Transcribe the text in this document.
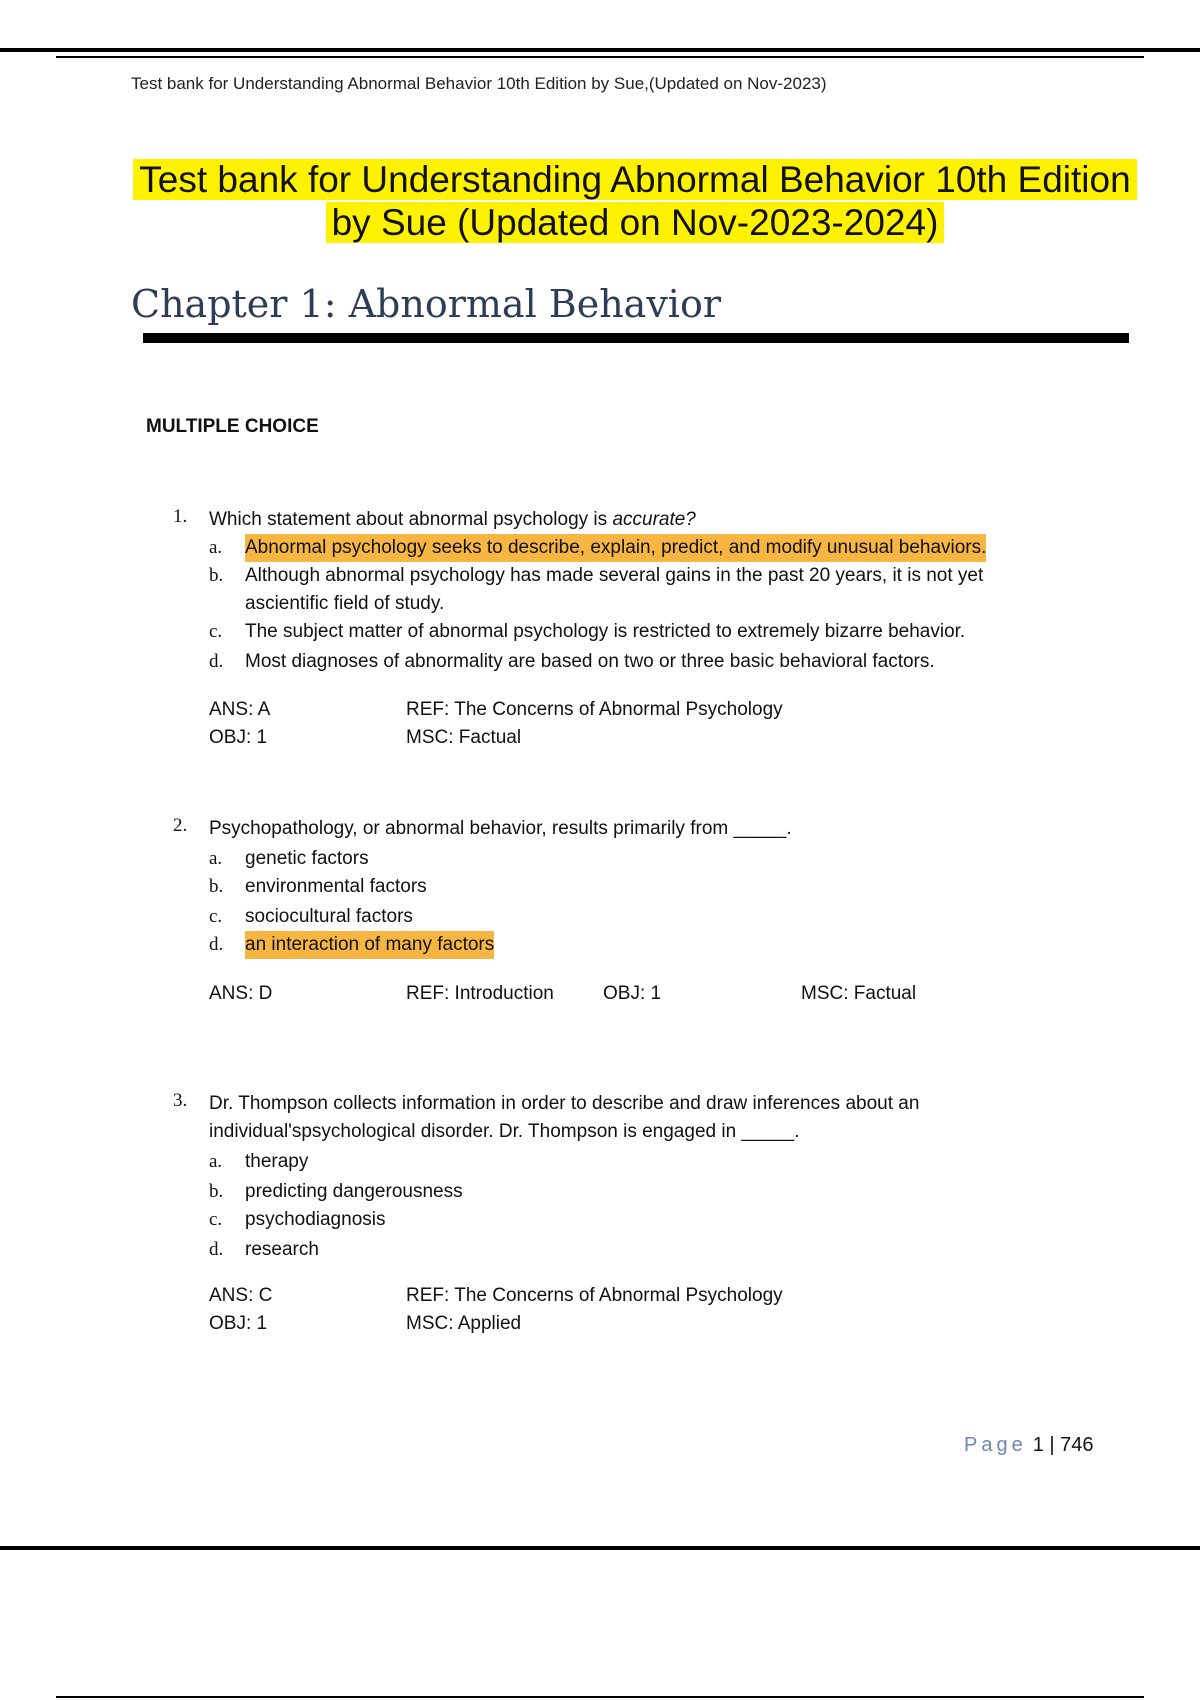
Test bank for Understanding Abnormal Behavior 10th Edition by Sue,(Updated on Nov-2023)
Test bank for Understanding Abnormal Behavior 10th Edition
by Sue (Updated on Nov-2023-2024)
Chapter 1: Abnormal Behavior
MULTIPLE CHOICE
1. Which statement about abnormal psychology is accurate?
a. Abnormal psychology seeks to describe, explain, predict, and modify unusual behaviors.
b. Although abnormal psychology has made several gains in the past 20 years, it is not yet ascientific field of study.
c. The subject matter of abnormal psychology is restricted to extremely bizarre behavior.
d. Most diagnoses of abnormality are based on two or three basic behavioral factors.
ANS: A	REF: The Concerns of Abnormal Psychology
OBJ: 1	MSC: Factual
2. Psychopathology, or abnormal behavior, results primarily from _____.
a. genetic factors
b. environmental factors
c. sociocultural factors
d. an interaction of many factors
ANS: D	REF: Introduction	OBJ: 1	MSC: Factual
3. Dr. Thompson collects information in order to describe and draw inferences about an individual'spsychological disorder. Dr. Thompson is engaged in _____.
a. therapy
b. predicting dangerousness
c. psychodiagnosis
d. research
ANS: C	REF: The Concerns of Abnormal Psychology
OBJ: 1	MSC: Applied
Page 1 | 746
